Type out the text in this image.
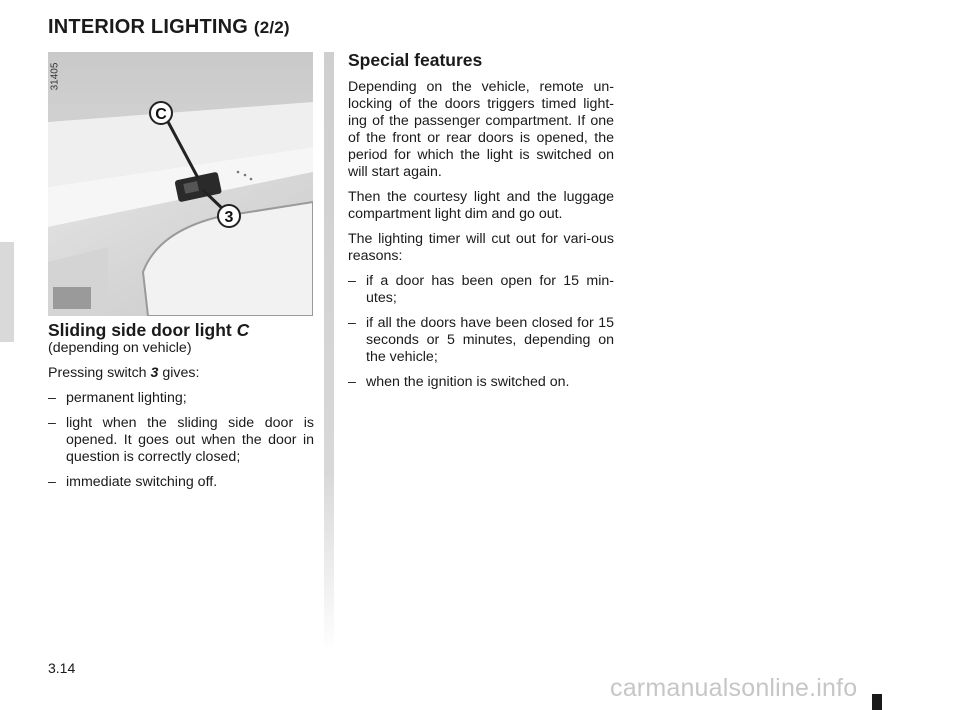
INTERIOR LIGHTING (2/2)
C
3
31405
Sliding side door light C
(depending on vehicle)

Pressing switch 3 gives:

– permanent lighting;
– light when the sliding side door is opened. It goes out when the door in question is correctly closed;
– immediate switching off.
Special features

Depending on the vehicle, remote un-locking of the doors triggers timed light-ing of the passenger compartment. If one of the front or rear doors is opened, the period for which the light is switched on will start again.

Then the courtesy light and the luggage compartment light dim and go out.

The lighting timer will cut out for vari-ous reasons:

– if a door has been open for 15 min-utes;
– if all the doors have been closed for 15 seconds or 5 minutes, depending on the vehicle;
– when the ignition is switched on.
3.14
carmanualsonline.info
